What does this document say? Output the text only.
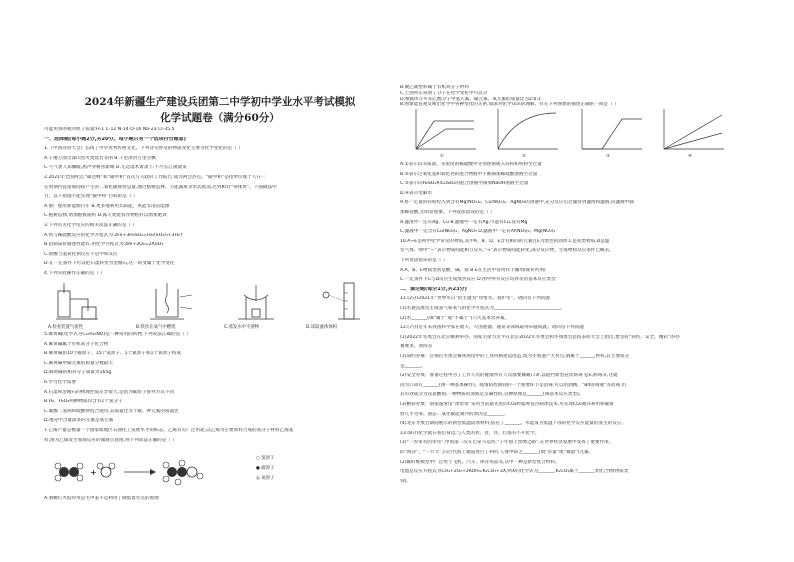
2024年新疆生产建设兵团第二中学初中学业水平考试模拟
化学试题卷（满分60分）
可能用到的相对原子质量:H-1 C-12 N-14 O-16 Na-23 Cl-35.5
一、选择题(每小题2分,共20分。每小题只有一个选项符合题意)
1.《中国诗词大会》弘扬了中华优秀传统文化。下列诗句涉及的物质变化主要为化学变化的是（ ）
A.千锤万凿出深山烈火焚烧若等闲 B.千里冰封万里雪飘
C.气气袭人知骤暖,鹊声穿树喜新晴 D.无边落木萧萧下,不尽长江滚滚来
2.2021年全国两会,“碳达峰”和“碳中和”首次写入政府工作报告,成为两会热点。“碳中和”是指单位或个人在一
定时期内直接或间接产生的二氧化碳排放总量,通过植树造林、节能减排等形式抵消,达到相对“零排放”。下面做法中
目，以下措施不能实现“碳中和”目标的是（ ）
A.推广使用新能源汽车 B.更多地利用太阳能、风能等清洁能源
C.植树造林,增加植被面积 D.露天焚烧农作物秸秆以增加肥效
3.下列有关化学反应的相关说法正确的是（ ）
A.铁与稀硫酸反应的化学方程式为:2Fe+3H₂SO₄=Fe₂(SO₄)₃+3H₂↑
B.铝制品抗腐蚀性能好,用化学方程式为:4Al+3O₂=2Al₂O₃
C.盐酸与氢氧化钠反应不是中和反应
D.在一定条件下可以把石墨转变为金刚石,这一转变属于化学变化
4.下列实验操作正确的是（ ）
A.检查装置气密性	B.铁丝在氧气中燃烧	C.蒸发水中不溶物	D.读取液体体积
5.麻黄碱(化学式为C₁₀H₁₅NO)是一种常用的药物,下列说法正确的是（ ）
A.麻黄碱属于有机高分子化合物
B.麻黄碱由10个碳原子、15个氢原子、1个氮原子和1个氧原子构成
C.麻黄碱中碳元素的质量分数最大
D.麻黄碱的相对分子质量为165g
6.学习化学需要
A.石墨和金刚石的物理性质差异很大,是因为碳原子排列方式不同
B.H₂、H₂O₂两种物质均含有1个氢分子
C.碳酸二氢钠和硫酸钾混合施用,其质量比等于碳、钾元素的质量比
D.地壳中含量最多的元素是氧元素
7.乙烯产量是衡量一个国家或地区石油化工发展水平的标志。乙烯具有广泛用途,以乙烯为主要原料合成的高分子材料乙烯基
料,图为乙烯发生加成反应的微观示意图,则下列说法正确的是（ ）
+
○ 氢原子
● 碳原子
◎ 氧原子
A.酒精灯火焰时用是毛中羞不是利用了降低着火点的原理
B.聚乙烯塑料属于有机高分子材料
C.上图所示说明了分子在化学变化中可以分
D.根据所示可知乙醇分子中氢元素、碳元素、氧元素的质量比为2:6:1
8.图象能直观反映出化学中各种变化的关系,加深对化学知识的理解。有关下列图象的描述正确的一项是（ ）
①	②	③	④
A.①表示向等质量、等浓度的稀硫酸中分别逐渐加入锌粉和铁粉至过量
B.②表示过氧化氢和氧化钙的混合物液中不断滴加稀硫酸溶液至过量
C.③表示向H₂SO₄和CuSO₄的混合溶液中滴加NaOH溶液至过量
D.④表示电解水
9.将一定量的锌粉投入到含有Mg(NO₃)₂、Cu(NO₃)₂、AgNO₃的溶液中,充分反应后过滤得到滤渣和滤液,向滤液中滴
加稀盐酸,无明显现象。下列说法错误的是（ ）
A.滤渣中一定有Ag、Cu B.滤液中一定有Ag,可能有Cu,没有Mg
C.滤液中一定含有Cu(NO₃)₂、AgNO₃ D.滤液中一定有Al(NO₃)₃、Mg(NO₃)₂
10.A~E是初中化学常见的物质,其中A、B、D、E含有相同的元素且E为黑色的固体,C是同类物质,D是温
室气体。图中“—”表示物质间能相互反应,“→”表示物质间能转化,部分反应物、生成物和反应条件已略去。
下列说法错误的是（ ）
A.A、B、E物质类别是酸、碱、盐 B.E在生活中常用作干燥剂(或补钙剂)
C.一定条件下C与D反应生成放热反应 D.图中所有反应均涉及的基本反应类型
二、填空题(每空1分,共23分)
11.(2分)2021年“世界水日”的主题为“珍惜水、爱护水”。请回答下列问题
(1)水通直流电生成氢气和氧气的化学方程式为_____________________________。
(2)水_______(填“属于”或“不属于”)六大基本营养素。
12.(7分)近年来我国科学家在航天、大国重器、通讯等领域取得卓越成就。请回答下列问题
(1)2022年冬奥会在北京顺利举办。国家主席习近平在北京2022年冬奥会和冬残奥会总结表彰大会上指出,要坚持“简约、安全、精彩”的办
赛要求。请回答
(1)简约办赛：首钢首冬奥会赛场场馆中的工业风格建造改造,成为冬奥遗产大亮点,钢属于_______材料,其主要成分
是_______。
(2)安全办奥：准备过程中为了工作人员的健康所有人员都要佩戴口罩,以阻挡新型冠状病毒飞沫,病毒等,这就
因为口罩有_______(填一种基本操作)。疫情防控期间的一个重要环节是消毒,可以用酒精、“84消毒液”等消毒,但
其有效成分为次氯酸钠,一种物质的溶液是呈碱性的,这种原理是_______(填基本反应类型)。
(3)精彩办奥：国家速滑馆“冰丝带”采用当前最先进的CO₂跨临界直冷制冰技术,可实现CO₂循环利用和碳排
放几乎为零。固态二氧化碳能制冷的原因是_______。
(4)北京冬奥会期间展示的新型低温防寒材料,依托了_______。水能成为低温下冰的化学反应能量的发生的反应。
13.(8分)化学就在我们身边,与人类的衣、食、住、行都有不开化学。
(1)“一衣带水的邻邦”,中国第一次在巴拿马运河,“千年海上丝绸之路”,在世界经济发展中发挥了重要作用。
的“海洋”、“一片大”,向古代海上通道进行了利用,人体中缺乏_______(填“常量”或“微量”)元素。
(2)碳纤维模型中广泛用于飞机、汽车、体育用品等,其中一种是新型复合材料。
电池总反应方程式为CH₄+2O₂+2KOH=K₂CO₃+3X,则X的化学式为_______,K₂CO₃属于_______类化合物(物质类
别)。
